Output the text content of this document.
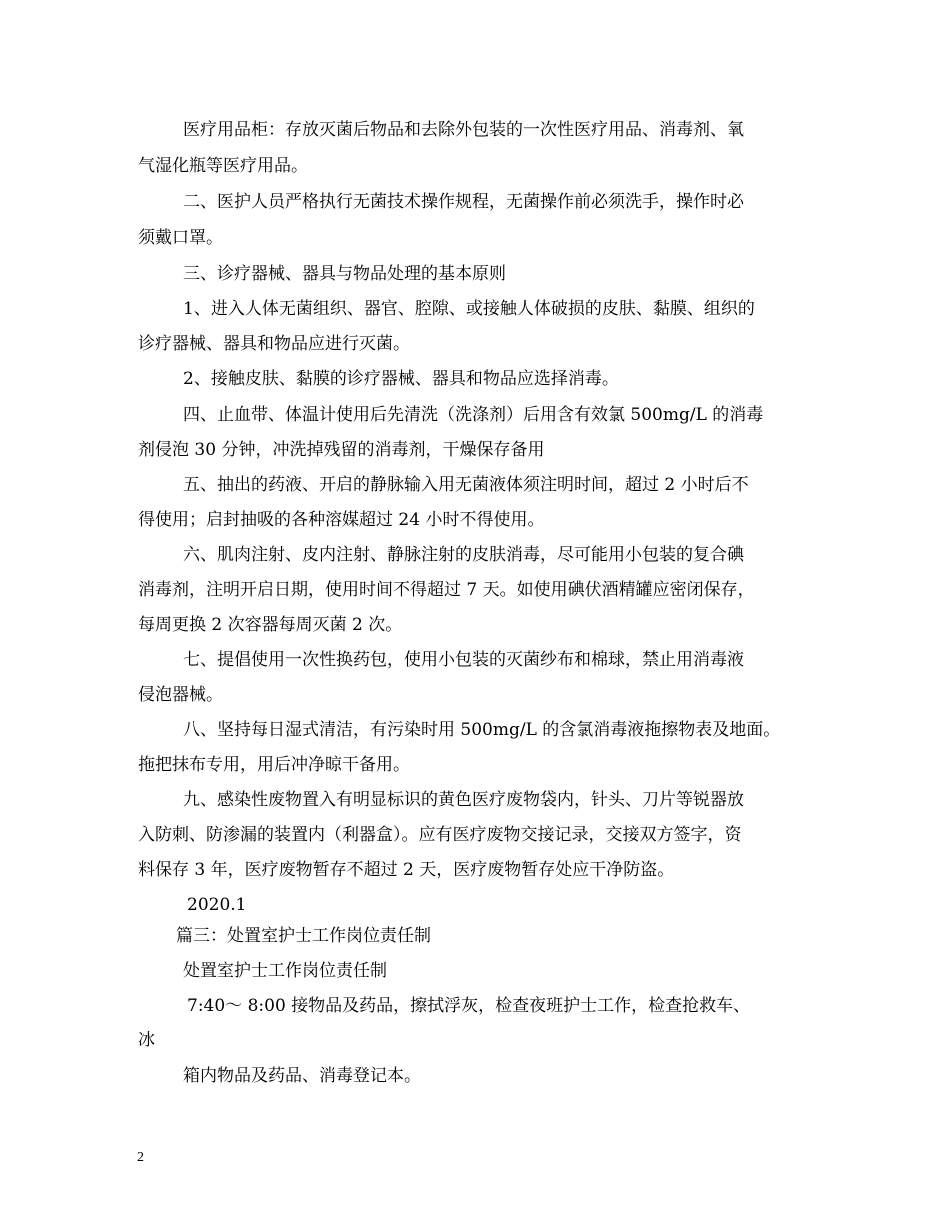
医疗用品柜：存放灭菌后物品和去除外包装的一次性医疗用品、消毒剂、氧
气湿化瓶等医疗用品。
二、医护人员严格执行无菌技术操作规程，无菌操作前必须洗手，操作时必
须戴口罩。
三、诊疗器械、器具与物品处理的基本原则
1、进入人体无菌组织、器官、腔隙、或接触人体破损的皮肤、黏膜、组织的
诊疗器械、器具和物品应进行灭菌。
2、接触皮肤、黏膜的诊疗器械、器具和物品应选择消毒。
四、止血带、体温计使用后先清洗（洗涤剂）后用含有效氯 500mg/L 的消毒
剂侵泡 30 分钟，冲洗掉残留的消毒剂，干燥保存备用
五、抽出的药液、开启的静脉输入用无菌液体须注明时间，超过 2 小时后不
得使用；启封抽吸的各种溶媒超过 24 小时不得使用。
六、肌肉注射、皮内注射、静脉注射的皮肤消毒，尽可能用小包装的复合碘
消毒剂，注明开启日期，使用时间不得超过 7 天。如使用碘伏酒精罐应密闭保存，
每周更换 2 次容器每周灭菌 2 次。
七、提倡使用一次性换药包，使用小包装的灭菌纱布和棉球，禁止用消毒液
侵泡器械。
八、坚持每日湿式清洁，有污染时用 500mg/L 的含氯消毒液拖擦物表及地面。
拖把抹布专用，用后冲净晾干备用。
九、感染性废物置入有明显标识的黄色医疗废物袋内，针头、刀片等锐器放
入防刺、防渗漏的装置内（利器盒）。应有医疗废物交接记录，交接双方签字，资
料保存 3 年，医疗废物暂存不超过 2 天，医疗废物暂存处应干净防盗。
2020.1
篇三：处置室护士工作岗位责任制
处置室护士工作岗位责任制
7:40～ 8:00 接物品及药品，擦拭浮灰，检查夜班护士工作，检查抢救车、
冰
箱内物品及药品、消毒登记本。
2
